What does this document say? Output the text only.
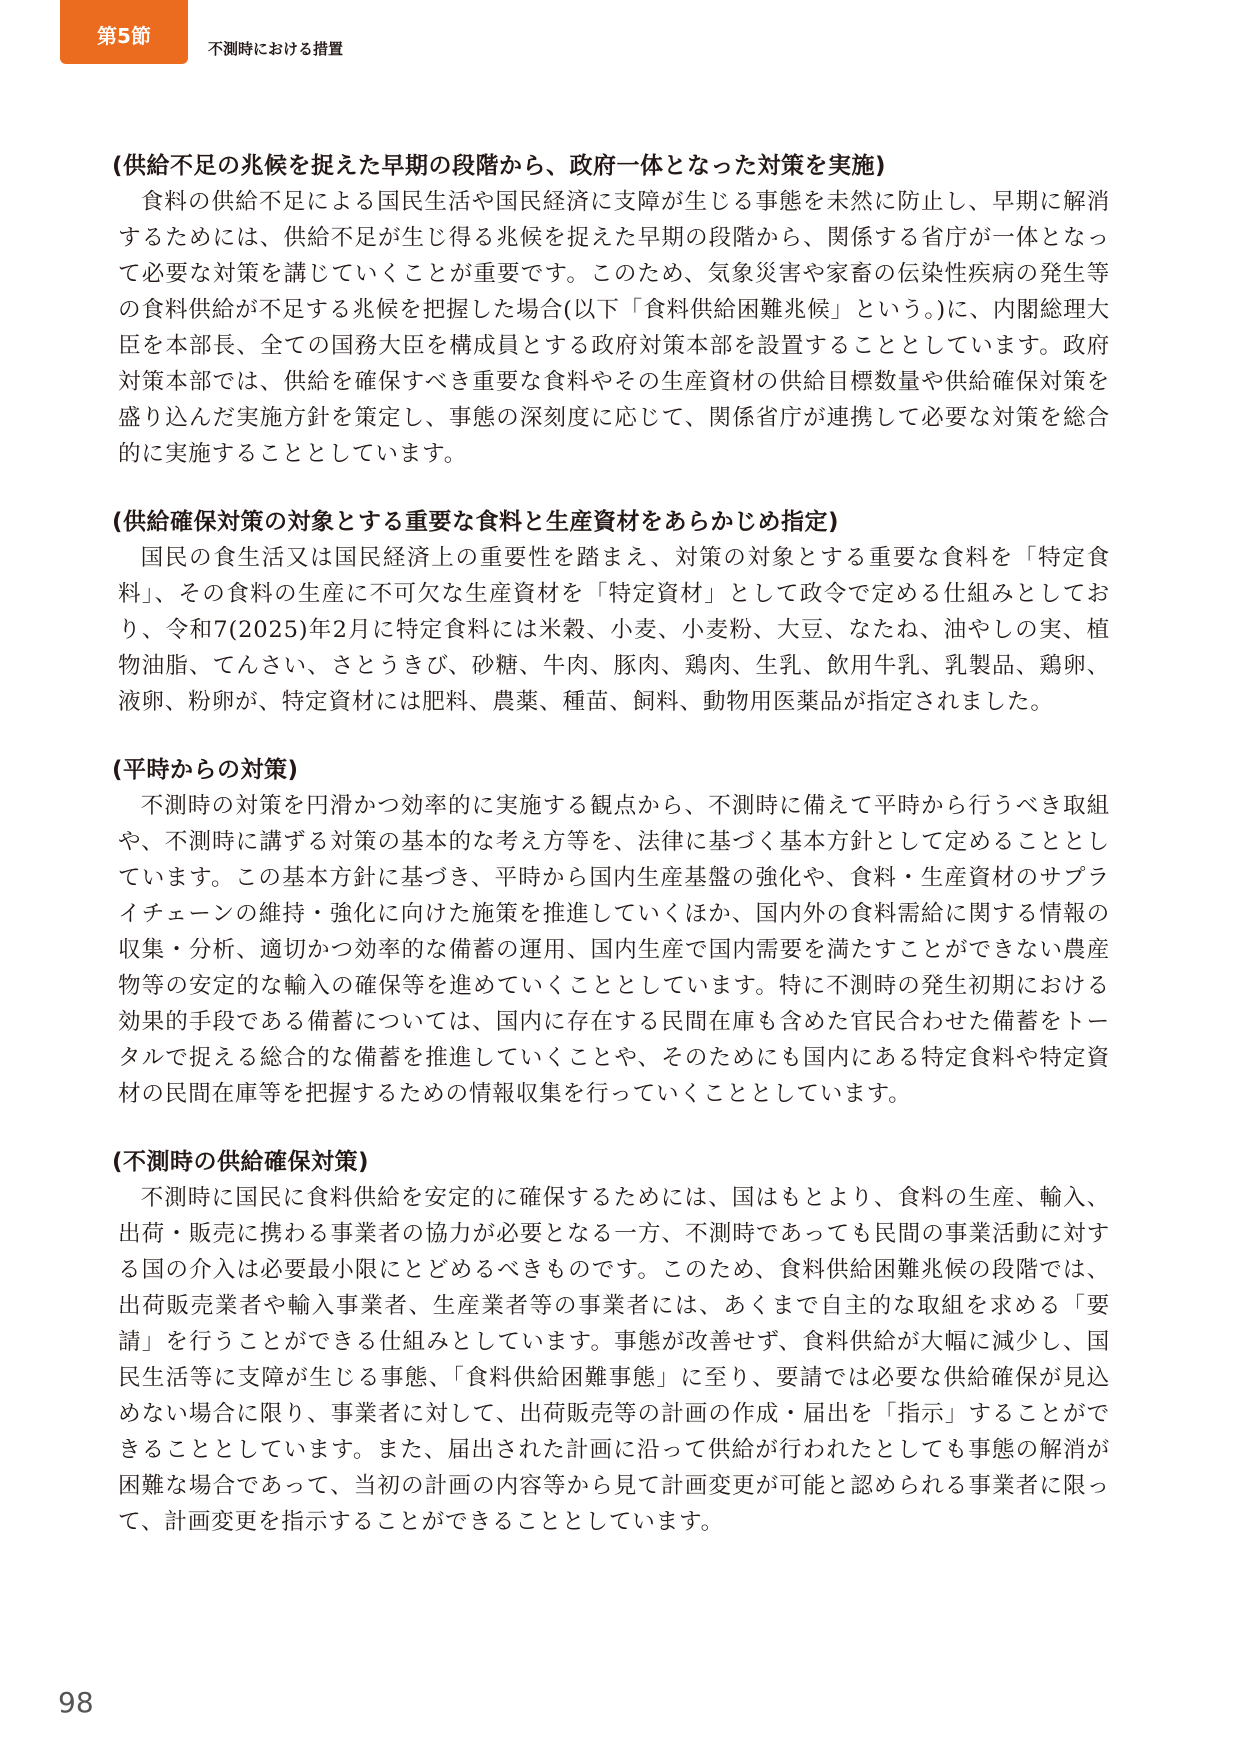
第5節
不測時における措置
(供給不足の兆候を捉えた早期の段階から、政府一体となった対策を実施)

食料の供給不足による国民生活や国民経済に支障が生じる事態を未然に防止し、早期に解消するためには、供給不足が生じ得る兆候を捉えた早期の段階から、関係する省庁が一体となって必要な対策を講じていくことが重要です。このため、気象災害や家畜の伝染性疾病の発生等の食料供給が不足する兆候を把握した場合(以下「食料供給困難兆候」という。)に、内閣総理大臣を本部長、全ての国務大臣を構成員とする政府対策本部を設置することとしています。政府対策本部では、供給を確保すべき重要な食料やその生産資材の供給目標数量や供給確保対策を盛り込んだ実施方針を策定し、事態の深刻度に応じて、関係省庁が連携して必要な対策を総合的に実施することとしています。

(供給確保対策の対象とする重要な食料と生産資材をあらかじめ指定)

国民の食生活又は国民経済上の重要性を踏まえ、対策の対象とする重要な食料を「特定食料」、その食料の生産に不可欠な生産資材を「特定資材」として政令で定める仕組みとしており、令和7(2025)年2月に特定食料には米穀、小麦、小麦粉、大豆、なたね、油やしの実、植物油脂、てんさい、さとうきび、砂糖、牛肉、豚肉、鶏肉、生乳、飲用牛乳、乳製品、鶏卵、液卵、粉卵が、特定資材には肥料、農薬、種苗、飼料、動物用医薬品が指定されました。

(平時からの対策)

不測時の対策を円滑かつ効率的に実施する観点から、不測時に備えて平時から行うべき取組や、不測時に講ずる対策の基本的な考え方等を、法律に基づく基本方針として定めることとしています。この基本方針に基づき、平時から国内生産基盤の強化や、食料・生産資材のサプライチェーンの維持・強化に向けた施策を推進していくほか、国内外の食料需給に関する情報の収集・分析、適切かつ効率的な備蓄の運用、国内生産で国内需要を満たすことができない農産物等の安定的な輸入の確保等を進めていくこととしています。特に不測時の発生初期における効果的手段である備蓄については、国内に存在する民間在庫も含めた官民合わせた備蓄をトータルで捉える総合的な備蓄を推進していくことや、そのためにも国内にある特定食料や特定資材の民間在庫等を把握するための情報収集を行っていくこととしています。

(不測時の供給確保対策)

不測時に国民に食料供給を安定的に確保するためには、国はもとより、食料の生産、輸入、出荷・販売に携わる事業者の協力が必要となる一方、不測時であっても民間の事業活動に対する国の介入は必要最小限にとどめるべきものです。このため、食料供給困難兆候の段階では、出荷販売業者や輸入事業者、生産業者等の事業者には、あくまで自主的な取組を求める「要請」を行うことができる仕組みとしています。事態が改善せず、食料供給が大幅に減少し、国民生活等に支障が生じる事態、「食料供給困難事態」に至り、要請では必要な供給確保が見込めない場合に限り、事業者に対して、出荷販売等の計画の作成・届出を「指示」することができることとしています。また、届出された計画に沿って供給が行われたとしても事態の解消が困難な場合であって、当初の計画の内容等から見て計画変更が可能と認められる事業者に限って、計画変更を指示することができることとしています。

98
